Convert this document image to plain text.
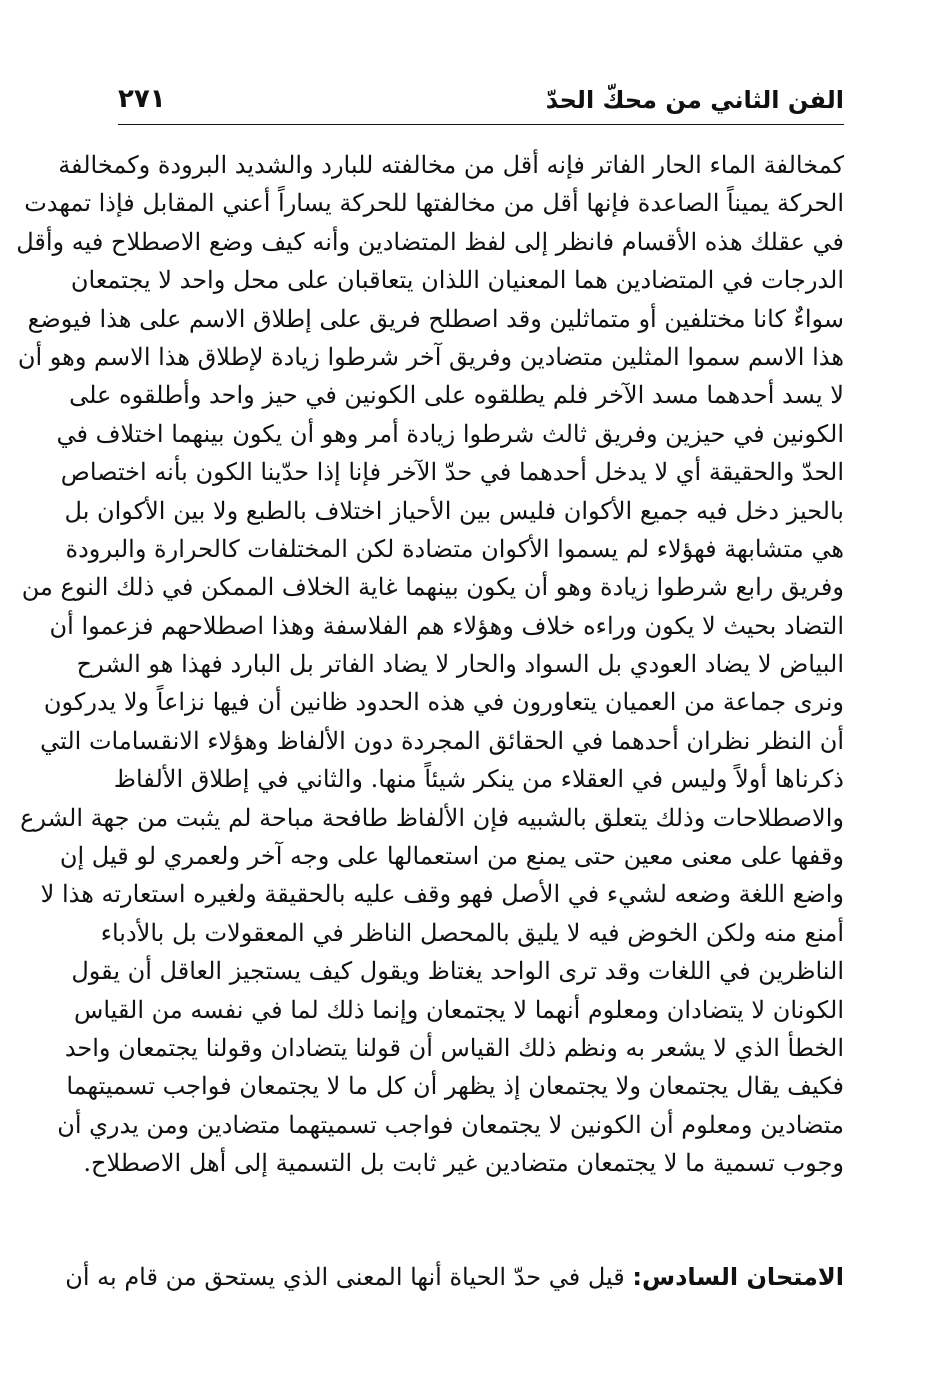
الفن الثاني من محكّ الحدّ
٢٧١
كمخالفة الماء الحار الفاتر فإنه أقل من مخالفته للبارد والشديد البرودة وكمخالفة
الحركة يميناً الصاعدة فإنها أقل من مخالفتها للحركة يساراً أعني المقابل فإذا تمهدت
في عقلك هذه الأقسام فانظر إلى لفظ المتضادين وأنه كيف وضع الاصطلاح فيه وأقل
الدرجات في المتضادين هما المعنيان اللذان يتعاقبان على محل واحد لا يجتمعان
سواءٌ كانا مختلفين أو متماثلين وقد اصطلح فريق على إطلاق الاسم على هذا فيوضع
هذا الاسم سموا المثلين متضادين وفريق آخر شرطوا زيادة لإطلاق هذا الاسم وهو أن
لا يسد أحدهما مسد الآخر فلم يطلقوه على الكونين في حيز واحد وأطلقوه على
الكونين في حيزين وفريق ثالث شرطوا زيادة أمر وهو أن يكون بينهما اختلاف في
الحدّ والحقيقة أي لا يدخل أحدهما في حدّ الآخر فإنا إذا حدّينا الكون بأنه اختصاص
بالحيز دخل فيه جميع الأكوان فليس بين الأحياز اختلاف بالطبع ولا بين الأكوان بل
هي متشابهة فهؤلاء لم يسموا الأكوان متضادة لكن المختلفات كالحرارة والبرودة
وفريق رابع شرطوا زيادة وهو أن يكون بينهما غاية الخلاف الممكن في ذلك النوع من
التضاد بحيث لا يكون وراءه خلاف وهؤلاء هم الفلاسفة وهذا اصطلاحهم فزعموا أن
البياض لا يضاد العودي بل السواد والحار لا يضاد الفاتر بل البارد فهذا هو الشرح
ونرى جماعة من العميان يتعاورون في هذه الحدود ظانين أن فيها نزاعاً ولا يدركون
أن النظر نظران أحدهما في الحقائق المجردة دون الألفاظ وهؤلاء الانقسامات التي
ذكرناها أولاً وليس في العقلاء من ينكر شيئاً منها. والثاني في إطلاق الألفاظ
والاصطلاحات وذلك يتعلق بالشبيه فإن الألفاظ طافحة مباحة لم يثبت من جهة الشرع
وقفها على معنى معين حتى يمنع من استعمالها على وجه آخر ولعمري لو قيل إن
واضع اللغة وضعه لشيء في الأصل فهو وقف عليه بالحقيقة ولغيره استعارته هذا لا
أمنع منه ولكن الخوض فيه لا يليق بالمحصل الناظر في المعقولات بل بالأدباء
الناظرين في اللغات وقد ترى الواحد يغتاظ ويقول كيف يستجيز العاقل أن يقول
الكونان لا يتضادان ومعلوم أنهما لا يجتمعان وإنما ذلك لما في نفسه من القياس
الخطأ الذي لا يشعر به ونظم ذلك القياس أن قولنا يتضادان وقولنا يجتمعان واحد
فكيف يقال يجتمعان ولا يجتمعان إذ يظهر أن كل ما لا يجتمعان فواجب تسميتهما
متضادين ومعلوم أن الكونين لا يجتمعان فواجب تسميتهما متضادين ومن يدري أن
وجوب تسمية ما لا يجتمعان متضادين غير ثابت بل التسمية إلى أهل الاصطلاح.
الامتحان السادس: قيل في حدّ الحياة أنها المعنى الذي يستحق من قام به أن
